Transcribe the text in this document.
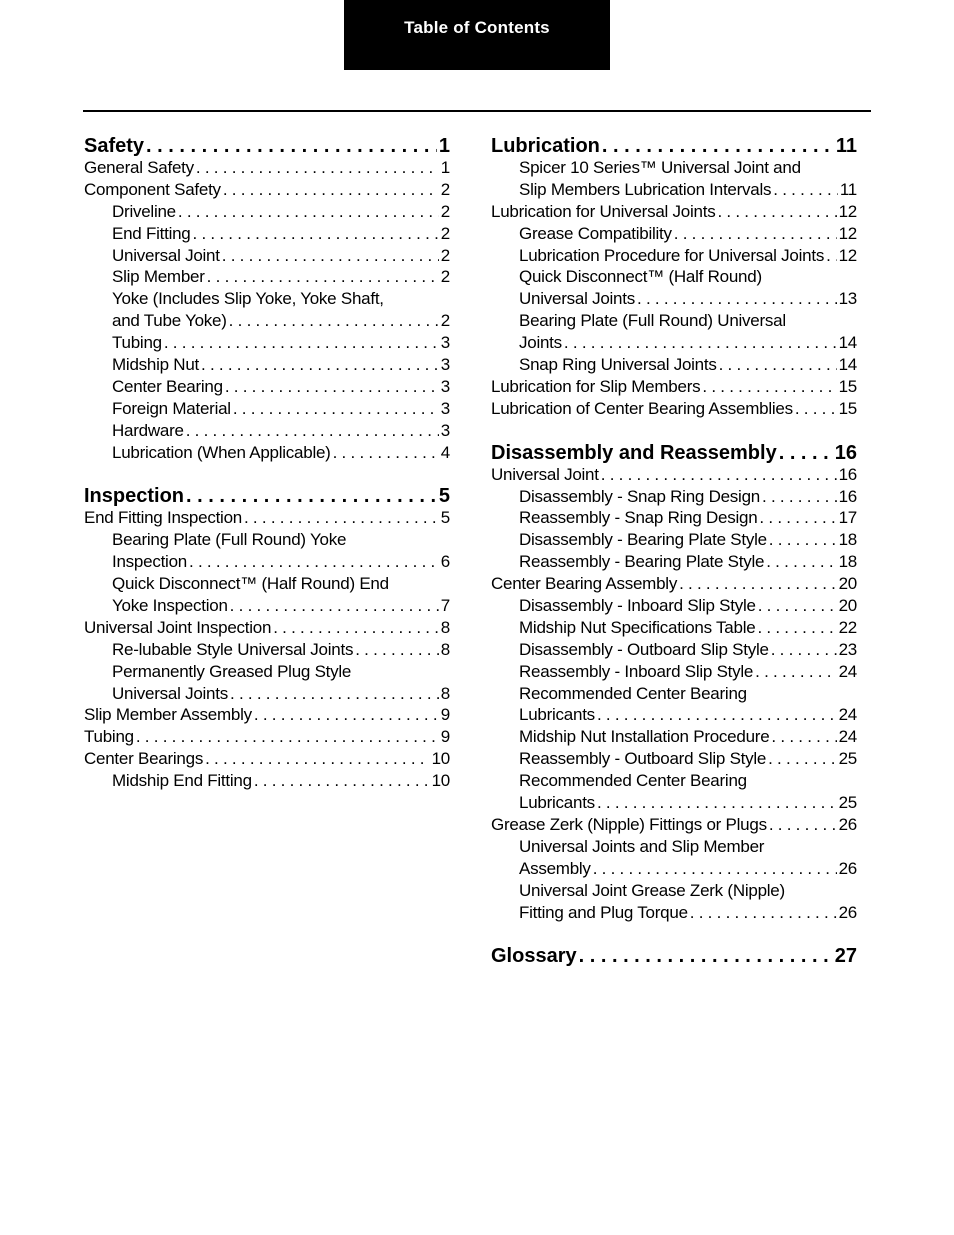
Table of Contents
Safety . . .	1
General Safety . . .	1
Component Safety . . .	2
Driveline . . .	2
End Fitting . . .	2
Universal Joint . . .	2
Slip Member . . .	2
Yoke (Includes Slip Yoke, Yoke Shaft,
and Tube Yoke) . . .	2
Tubing . . .	3
Midship Nut . . .	3
Center Bearing . . .	3
Foreign Material . . .	3
Hardware . . .	3
Lubrication (When Applicable) . . .	4
Inspection . . .	5
End Fitting Inspection . . .	5
Bearing Plate (Full Round) Yoke
Inspection . . .	6
Quick Disconnect™ (Half Round) End
Yoke Inspection . . .	7
Universal Joint Inspection . . .	8
Re-lubable Style Universal Joints . . .	8
Permanently Greased Plug Style
Universal Joints . . .	8
Slip Member Assembly . . .	9
Tubing . . .	9
Center Bearings . . .	10
Midship End Fitting . . .	10
Lubrication . . .	11
Spicer 10 Series™ Universal Joint and
Slip Members Lubrication Intervals . . .	11
Lubrication for Universal Joints . . .	12
Grease Compatibility . . .	12
Lubrication Procedure for Universal Joints . . . 12
Quick Disconnect™ (Half Round)
Universal Joints . . .	13
Bearing Plate (Full Round) Universal
Joints . . .	14
Snap Ring Universal Joints . . .	14
Lubrication for Slip Members . . .	15
Lubrication of Center Bearing Assemblies . . .	15
Disassembly and Reassembly . . .	16
Universal Joint . . .	16
Disassembly - Snap Ring Design . . .	16
Reassembly - Snap Ring Design . . .	17
Disassembly - Bearing Plate Style . . .	18
Reassembly - Bearing Plate Style . . .	18
Center Bearing Assembly . . .	20
Disassembly - Inboard Slip Style . . .	20
Midship Nut Specifications Table . . .	22
Disassembly - Outboard Slip Style . . .	23
Reassembly - Inboard Slip Style . . .	24
Recommended Center Bearing
Lubricants . . .	24
Midship Nut Installation Procedure . . .	24
Reassembly - Outboard Slip Style . . .	25
Recommended Center Bearing
Lubricants . . .	25
Grease Zerk (Nipple) Fittings or Plugs . . .	26
Universal Joints and Slip Member
Assembly . . .	26
Universal Joint Grease Zerk (Nipple)
Fitting and Plug Torque . . .	26
Glossary . . .	27
